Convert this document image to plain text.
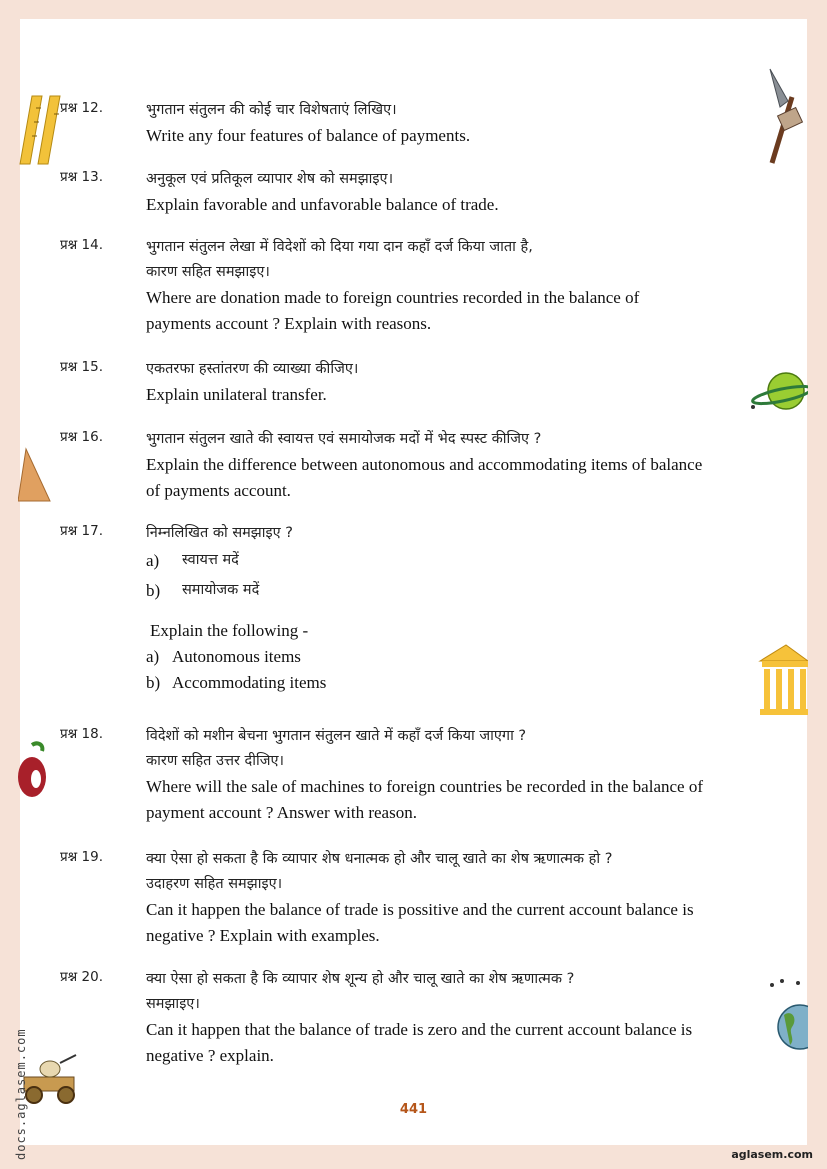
प्रश्न 12.	भुगतान संतुलन की कोई चार विशेषताएं लिखिए।

Write any four features of balance of payments.

प्रश्न 13.	अनुकूल एवं प्रतिकूल व्यापार शेष को समझाइए।

Explain favorable and unfavorable balance of trade.

प्रश्न 14.	भुगतान संतुलन लेखा में विदेशों को दिया गया दान कहाँ दर्ज किया जाता है,

कारण सहित समझाइए।

Where are donation made to foreign countries recorded in the balance of

payments account ? Explain with reasons.

प्रश्न 15.	एकतरफा हस्तांतरण की व्याख्या कीजिए।

Explain unilateral transfer.

प्रश्न 16.	भुगतान संतुलन खाते की स्वायत्त एवं समायोजक मदों में भेद स्पस्ट कीजिए ?

Explain the difference between autonomous and accommodating items of balance

of payments account.

प्रश्न 17.	निम्नलिखित को समझाइए ?

a)	स्वायत्त मदें
b)	समायोजक मदें

Explain the following -

a) Autonomous items
b) Accommodating items
प्रश्न 18.	विदेशों को मशीन बेचना भुगतान संतुलन खाते में कहाँ दर्ज किया जाएगा ?

कारण सहित उत्तर दीजिए।

Where will the sale of machines to foreign countries be recorded in the balance of

payment account ? Answer with reason.

प्रश्न 19.	क्या ऐसा हो सकता है कि व्यापार शेष धनात्मक हो और चालू खाते का शेष ऋणात्मक हो ?

उदाहरण सहित समझाइए।

Can it happen the balance of trade is possitive and the current account balance is

negative ? Explain with examples.

प्रश्न 20.	क्या ऐसा हो सकता है कि व्यापार शेष शून्य हो और चालू खाते का शेष ऋणात्मक ?

समझाइए।

Can it happen that the balance of trade is zero and the current account balance is

negative ? explain.

441
docs.aglasem.com	aglasem.com
